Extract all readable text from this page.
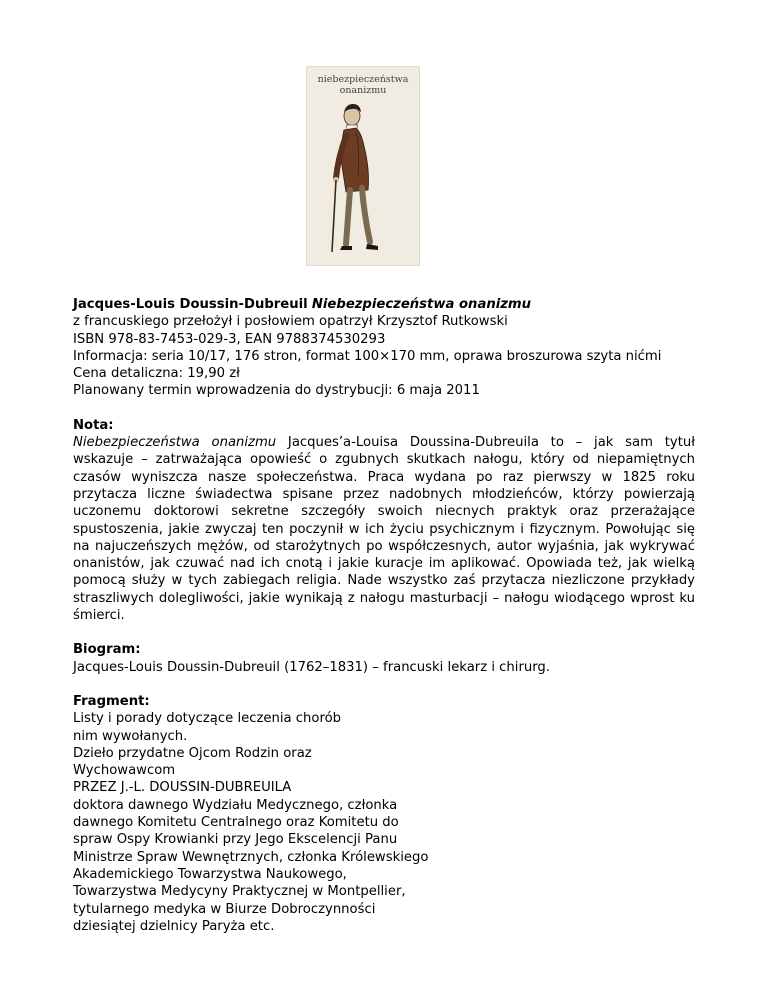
niebezpieczeństwa
onanizmu

Jacques-Louis Doussin-Dubreuil Niebezpieczeństwa onanizmu

z francuskiego przełożył i posłowiem opatrzył Krzysztof Rutkowski

ISBN 978-83-7453-029-3, EAN 9788374530293

Informacja: seria 10/17, 176 stron, format 100×170 mm, oprawa broszurowa szyta nićmi

Cena detaliczna: 19,90 zł

Planowany termin wprowadzenia do dystrybucji: 6 maja 2011

Nota:

Niebezpieczeństwa onanizmu Jacques’a-Louisa Doussina-Dubreuila to – jak sam tytuł wskazuje – zatrważająca opowieść o zgubnych skutkach nałogu, który od niepamiętnych czasów wyniszcza nasze społeczeństwa. Praca wydana po raz pierwszy w 1825 roku przytacza liczne świadectwa spisane przez nadobnych młodzieńców, którzy powierzają uczonemu doktorowi sekretne szczegóły swoich niecnych praktyk oraz przerażające spustoszenia, jakie zwyczaj ten poczynił w ich życiu psychicznym i fizycznym. Powołując się na najuczeńszych mężów, od starożytnych po współczesnych, autor wyjaśnia, jak wykrywać onanistów, jak czuwać nad ich cnotą i jakie kuracje im aplikować. Opowiada też, jak wielką pomocą służy w tych zabiegach religia. Nade wszystko zaś przytacza niezliczone przykłady straszliwych dolegliwości, jakie wynikają z nałogu masturbacji – nałogu wiodącego wprost ku śmierci.

Biogram:

Jacques-Louis Doussin-Dubreuil (1762–1831) – francuski lekarz i chirurg.

Fragment:

Listy i porady dotyczące leczenia chorób

nim wywołanych.

Dzieło przydatne Ojcom Rodzin oraz

Wychowawcom

PRZEZ J.-L. DOUSSIN-DUBREUILA

doktora dawnego Wydziału Medycznego, członka

dawnego Komitetu Centralnego oraz Komitetu do

spraw Ospy Krowianki przy Jego Ekscelencji Panu

Ministrze Spraw Wewnętrznych, członka Królewskiego

Akademickiego Towarzystwa Naukowego,

Towarzystwa Medycyny Praktycznej w Montpellier,

tytularnego medyka w Biurze Dobroczynności

dziesiątej dzielnicy Paryża etc.
